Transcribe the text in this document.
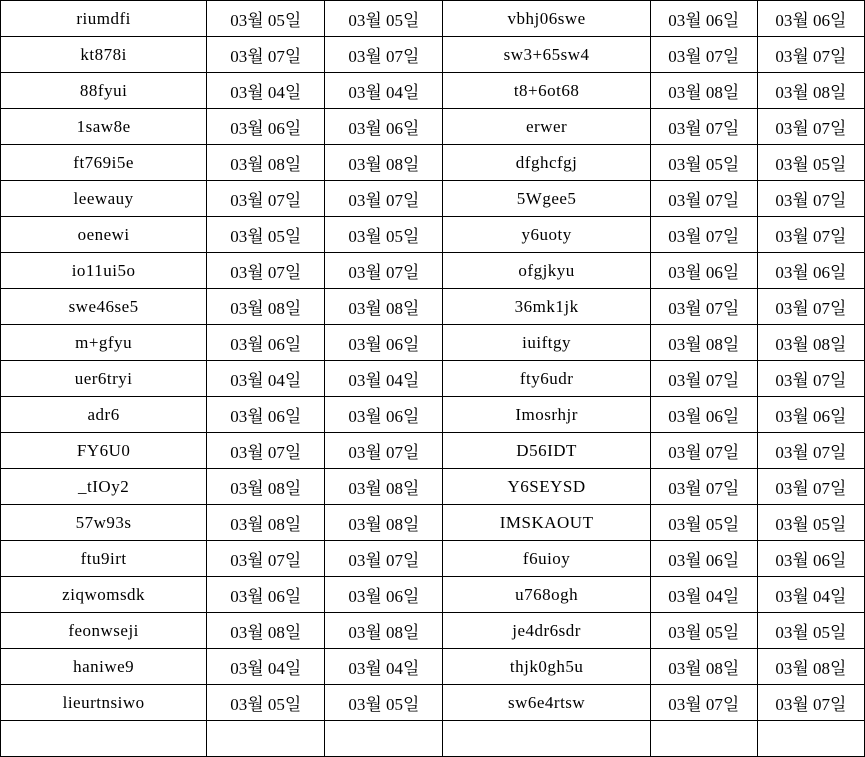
riumdfi	03월 05일	03월 05일	vbhj06swe	03월 06일	03월 06일
kt878i	03월 07일	03월 07일	sw3+65sw4	03월 07일	03월 07일
88fyui	03월 04일	03월 04일	t8+6ot68	03월 08일	03월 08일
1saw8e	03월 06일	03월 06일	erwer	03월 07일	03월 07일
ft769i5e	03월 08일	03월 08일	dfghcfgj	03월 05일	03월 05일
leewauy	03월 07일	03월 07일	5Wgee5	03월 07일	03월 07일
oenewi	03월 05일	03월 05일	y6uoty	03월 07일	03월 07일
io11ui5o	03월 07일	03월 07일	ofgjkyu	03월 06일	03월 06일
swe46se5	03월 08일	03월 08일	36mk1jk	03월 07일	03월 07일
m+gfyu	03월 06일	03월 06일	iuiftgy	03월 08일	03월 08일
uer6tryi	03월 04일	03월 04일	fty6udr	03월 07일	03월 07일
adr6	03월 06일	03월 06일	Imosrhjr	03월 06일	03월 06일
FY6U0	03월 07일	03월 07일	D56IDT	03월 07일	03월 07일
_tIOy2	03월 08일	03월 08일	Y6SEYSD	03월 07일	03월 07일
57w93s	03월 08일	03월 08일	IMSKAOUT	03월 05일	03월 05일
ftu9irt	03월 07일	03월 07일	f6uioy	03월 06일	03월 06일
ziqwomsdk	03월 06일	03월 06일	u768ogh	03월 04일	03월 04일
feonwseji	03월 08일	03월 08일	je4dr6sdr	03월 05일	03월 05일
haniwe9	03월 04일	03월 04일	thjk0gh5u	03월 08일	03월 08일
lieurtnsiwo	03월 05일	03월 05일	sw6e4rtsw	03월 07일	03월 07일
